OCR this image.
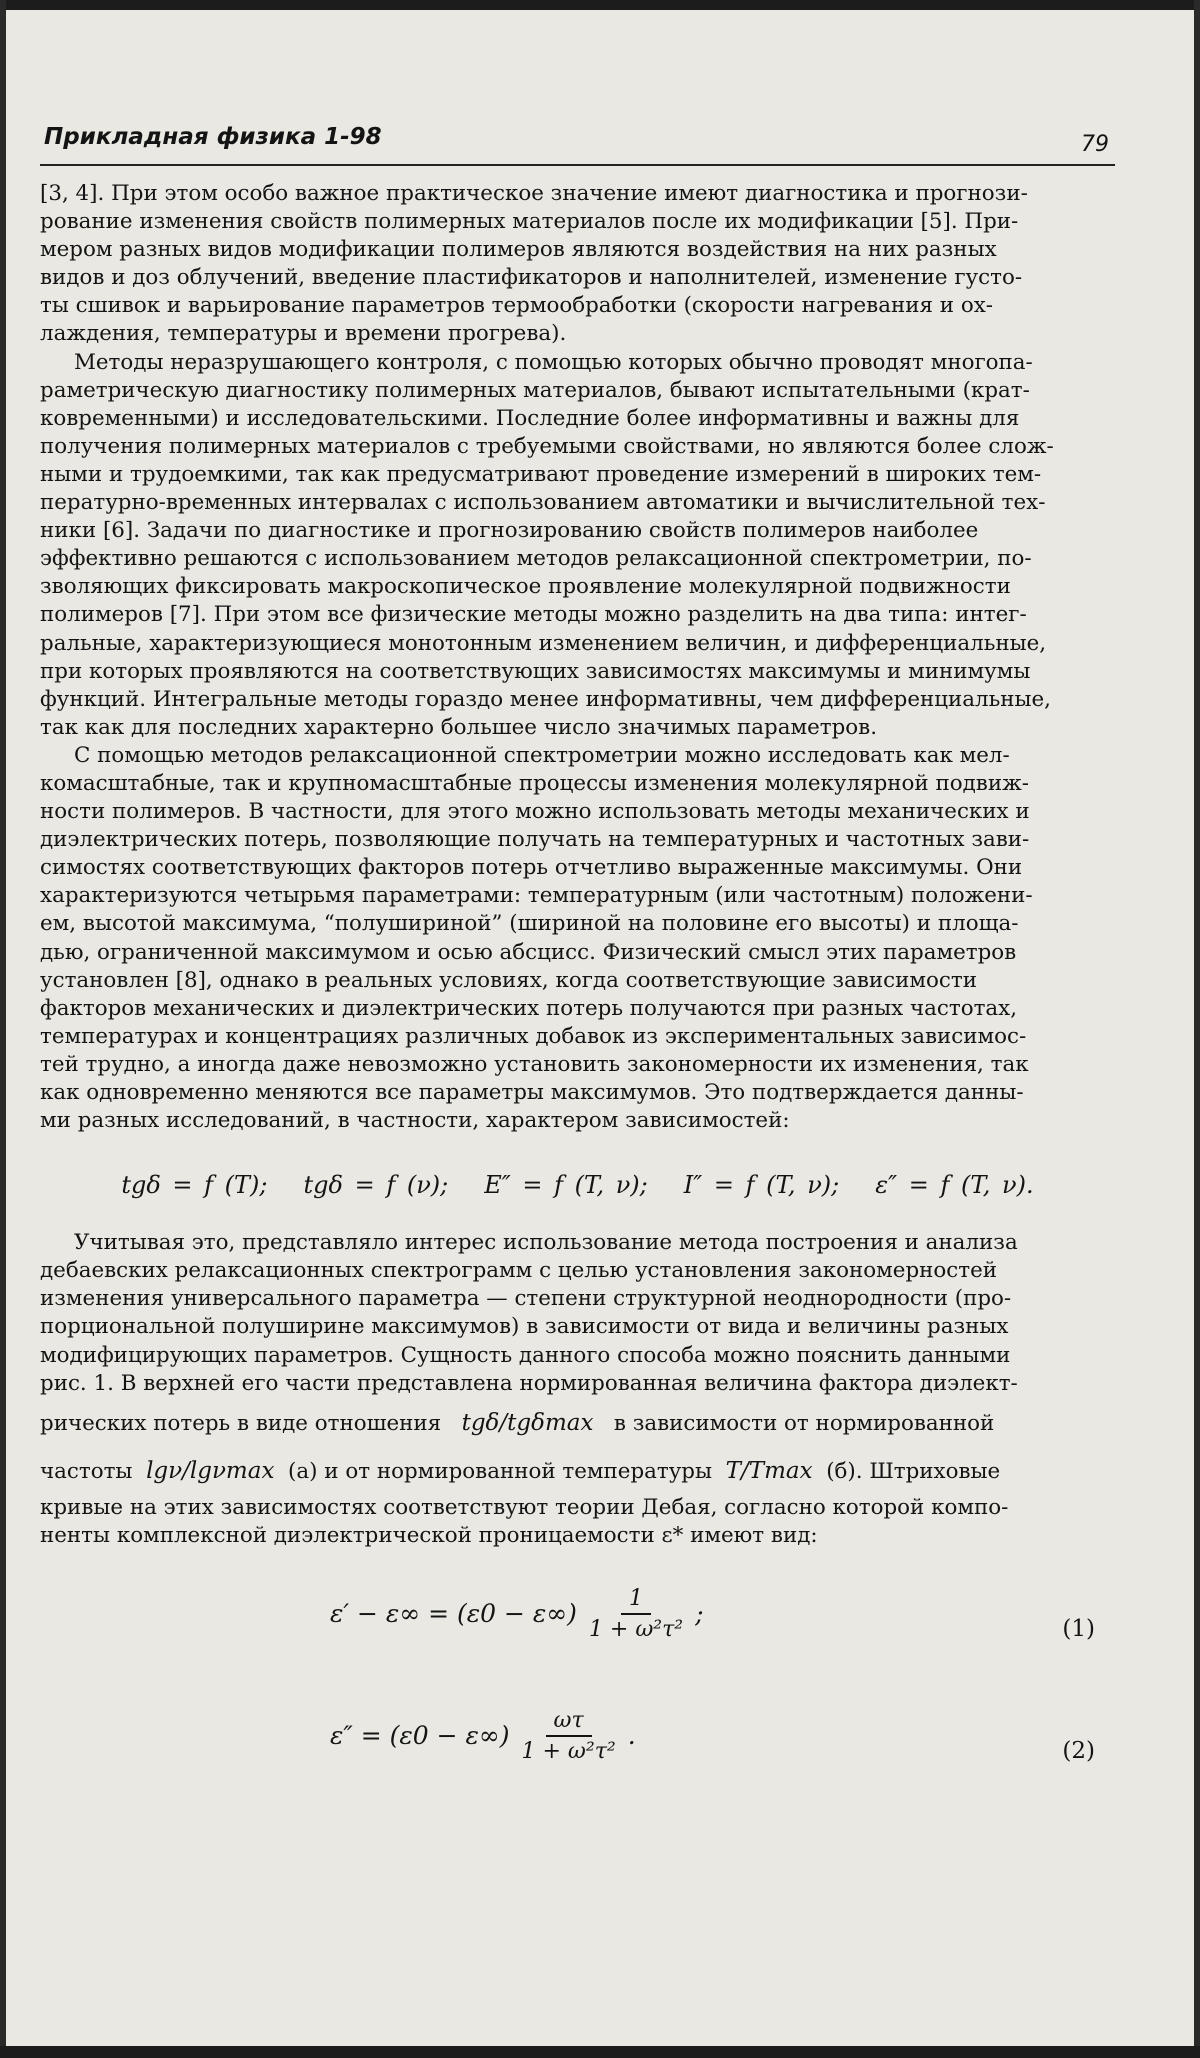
Прикладная физика 1-98	79

[3, 4]. При этом особо важное практическое значение имеют диагностика и прогнози-
рование изменения свойств полимерных материалов после их модификации [5]. При-
мером разных видов модификации полимеров являются воздействия на них разных
видов и доз облучений, введение пластификаторов и наполнителей, изменение густо-
ты сшивок и варьирование параметров термообработки (скорости нагревания и ох-
лаждения, температуры и времени прогрева).

Методы неразрушающего контроля, с помощью которых обычно проводят многопа-
раметрическую диагностику полимерных материалов, бывают испытательными (крат-
ковременными) и исследовательскими. Последние более информативны и важны для
получения полимерных материалов с требуемыми свойствами, но являются более слож-
ными и трудоемкими, так как предусматривают проведение измерений в широких тем-
пературно-временных интервалах с использованием автоматики и вычислительной тех-
ники [6]. Задачи по диагностике и прогнозированию свойств полимеров наиболее
эффективно решаются с использованием методов релаксационной спектрометрии, по-
зволяющих фиксировать макроскопическое проявление молекулярной подвижности
полимеров [7]. При этом все физические методы можно разделить на два типа: интег-
ральные, характеризующиеся монотонным изменением величин, и дифференциальные,
при которых проявляются на соответствующих зависимостях максимумы и минимумы
функций. Интегральные методы гораздо менее информативны, чем дифференциальные,
так как для последних характерно большее число значимых параметров.

С помощью методов релаксационной спектрометрии можно исследовать как мел-
комасштабные, так и крупномасштабные процессы изменения молекулярной подвиж-
ности полимеров. В частности, для этого можно использовать методы механических и
диэлектрических потерь, позволяющие получать на температурных и частотных зави-
симостях соответствующих факторов потерь отчетливо выраженные максимумы. Они
характеризуются четырьмя параметрами: температурным (или частотным) положени-
ем, высотой максимума, “полушириной” (шириной на половине его высоты) и площа-
дью, ограниченной максимумом и осью абсцисс. Физический смысл этих параметров
установлен [8], однако в реальных условиях, когда соответствующие зависимости
факторов механических и диэлектрических потерь получаются при разных частотах,
температурах и концентрациях различных добавок из экспериментальных зависимос-
тей трудно, а иногда даже невозможно установить закономерности их изменения, так
как одновременно меняются все параметры максимумов. Это подтверждается данны-
ми разных исследований, в частности, характером зависимостей:

tgδ = f (T); tgδ = f (ν); E″ = f (T, ν); I″ = f (T, ν); ε″ = f (T, ν).

Учитывая это, представляло интерес использование метода построения и анализа
дебаевских релаксационных спектрограмм с целью установления закономерностей
изменения универсального параметра — степени структурной неоднородности (про-
порциональной полуширине максимумов) в зависимости от вида и величины разных
модифицирующих параметров. Сущность данного способа можно пояснить данными
рис. 1. В верхней его части представлена нормированная величина фактора диэлект-
рических потерь в виде отношения tgδ/tgδmax в зависимости от нормированной
частоты lgν/lgνmax (а) и от нормированной температуры T/Tmax (б). Штриховые
кривые на этих зависимостях соответствуют теории Дебая, согласно которой компо-
ненты комплексной диэлектрической проницаемости ε* имеют вид:

$\varepsilon' - \varepsilon\infty = (\varepsilon 0 - \varepsilon\infty) \frac{1}{\text{1 + ω²τ²}}$ ;
(1)
$\varepsilon'' = (\varepsilon 0 - \varepsilon\infty) \frac{\omega\tau}{\text{1 + ω²τ²}}$ .
(2)
